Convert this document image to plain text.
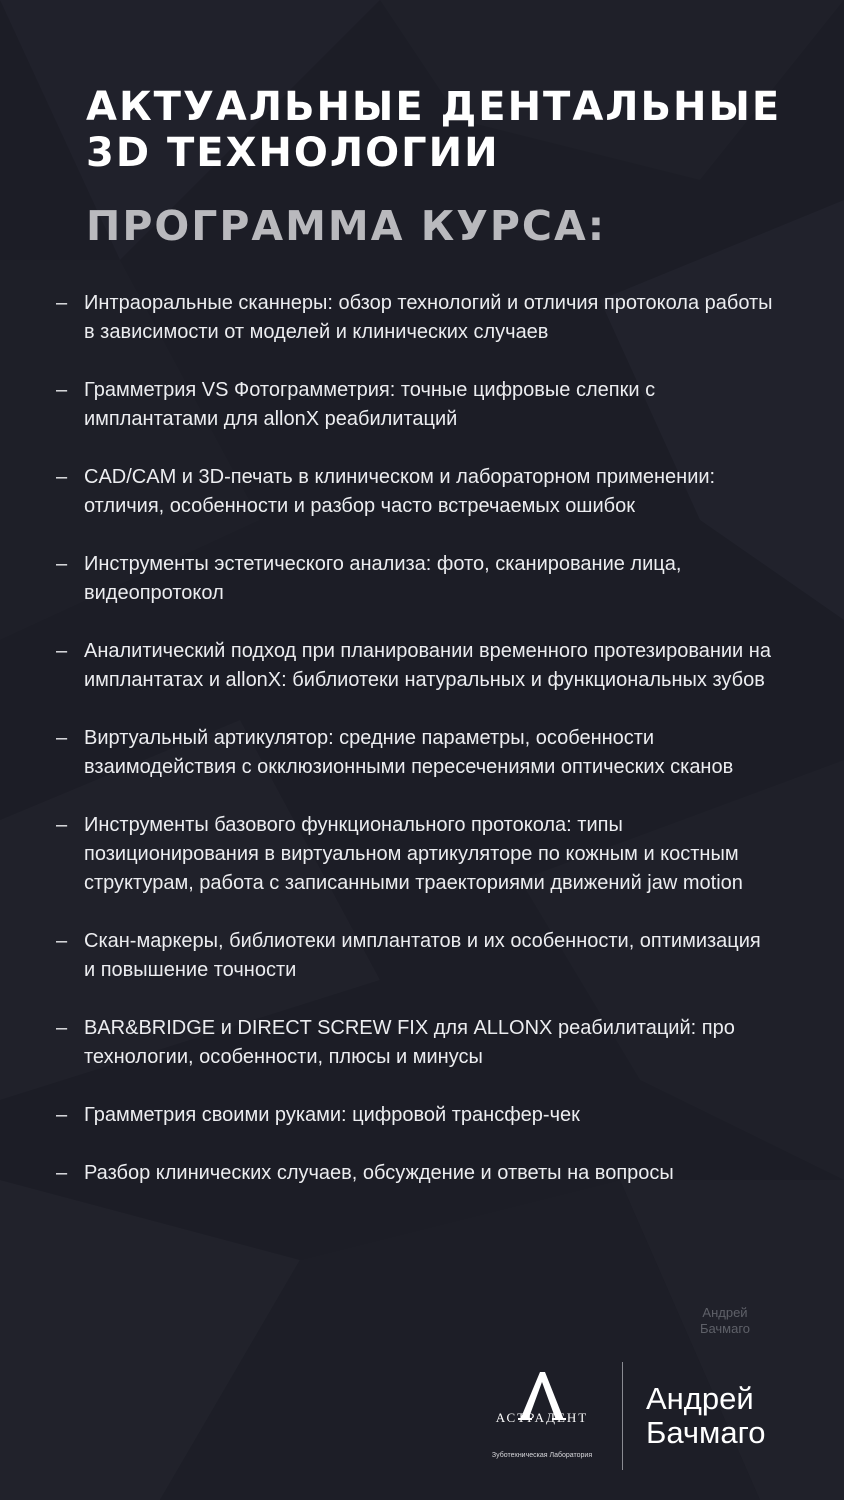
АКТУАЛЬНЫЕ ДЕНТАЛЬНЫЕ
3D ТЕХНОЛОГИИ
ПРОГРАММА КУРСА:
– Интраоральные сканнеры: обзор технологий и отличия протокола работы в зависимости от моделей и клинических случаев
– Грамметрия VS Фотограмметрия: точные цифровые слепки с имплантатами для allonX реабилитаций
– CAD/CAM и 3D-печать в клиническом и лабораторном применении: отличия, особенности и разбор часто встречаемых ошибок
– Инструменты эстетического анализа: фото, сканирование лица, видеопротокол
– Аналитический подход при планировании временного протезировании на имплантатах и allonX: библиотеки натуральных и функциональных зубов
– Виртуальный артикулятор: средние параметры, особенности взаимодействия с окклюзионными пересечениями оптических сканов
– Инструменты базового функционального протокола: типы позиционирования в виртуальном артикуляторе по кожным и костным структурам, работа с записанными траекториями движений jaw motion
– Скан-маркеры, библиотеки имплантатов и их особенности, оптимизация и повышение точности
– BAR&BRIDGE и DIRECT SCREW FIX для ALLONX реабилитаций: про технологии, особенности, плюсы и минусы
– Грамметрия своими руками: цифровой трансфер-чек
– Разбор клинических случаев, обсуждение и ответы на вопросы
Андрей
Бачмаго
АСТРАДЕНТ
Зуботехническая Лаборатория
Андрей
Бачмаго
